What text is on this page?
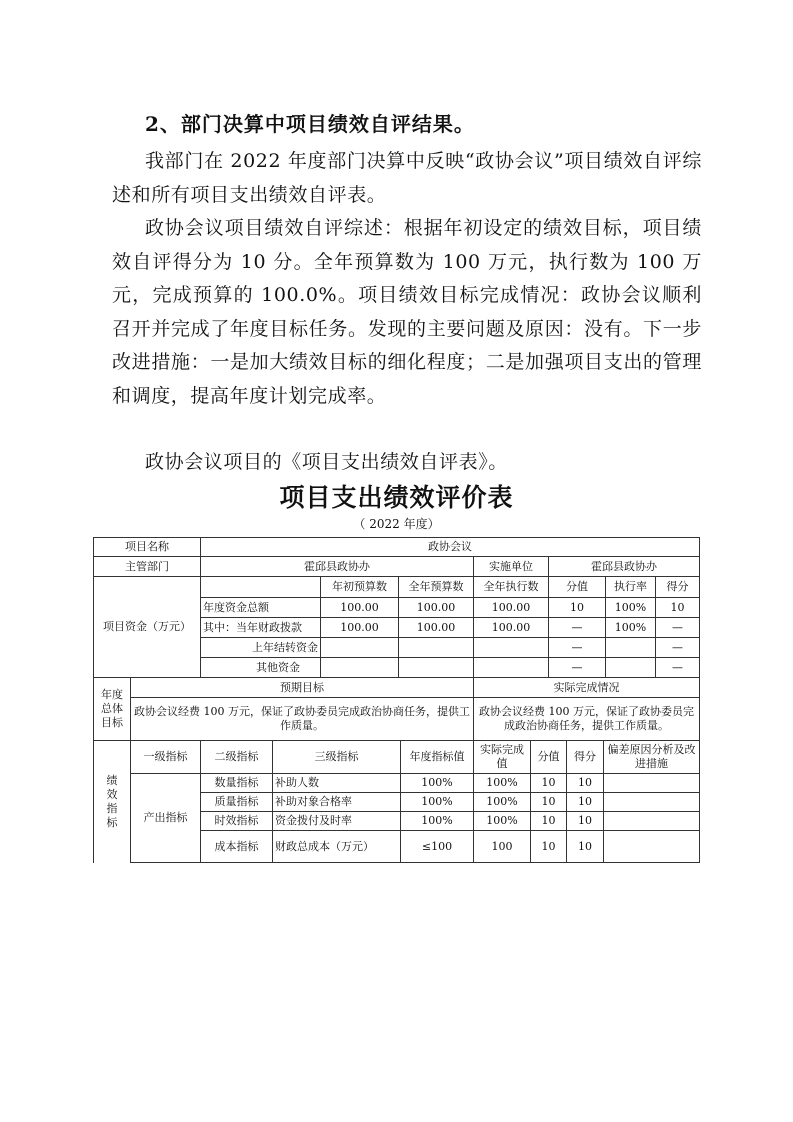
2、部门决算中项目绩效自评结果。
我部门在 2022 年度部门决算中反映“政协会议”项目绩效自评综述和所有项目支出绩效自评表。
政协会议项目绩效自评综述：根据年初设定的绩效目标，项目绩效自评得分为 10 分。全年预算数为 100 万元，执行数为 100 万元，完成预算的 100.0%。项目绩效目标完成情况：政协会议顺利召开并完成了年度目标任务。发现的主要问题及原因：没有。下一步改进措施：一是加大绩效目标的细化程度；二是加强项目支出的管理和调度，提高年度计划完成率。
政协会议项目的《项目支出绩效自评表》。
项目支出绩效评价表
（ 2022 年度）
项目名称	政协会议						
主管部门	霍邱县政协办			实施单位	霍邱县政协办		
项目资金（万元）		年初预算数	全年预算数	全年执行数	分值	执行率	得分
	年度资金总额	100.00	100.00	100.00	10	100%	10
	其中：当年财政拨款	100.00	100.00	100.00	—	100%	—
	上年结转资金				—		—
	其他资金				—		—
年度总体目标	预期目标	实际完成情况
	政协会议经费 100 万元，保证了政协委员完成政治协商任务，提供工作质量。	政协会议经费 100 万元，保证了政协委员完成政治协商任务，提供工作质量。
绩效指标	一级指标	二级指标	三级指标	年度指标值	实际完成值	分值	得分	偏差原因分析及改进措施
	产出指标	数量指标	补助人数	100%	100%	10	10	
		质量指标	补助对象合格率	100%	100%	10	10	
		时效指标	资金拨付及时率	100%	100%	10	10	
		成本指标	财政总成本（万元）	≤100	100	10	10	
